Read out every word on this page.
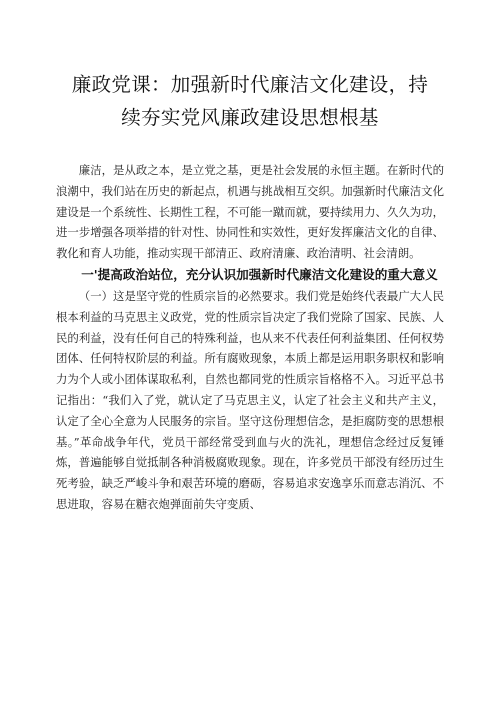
廉政党课：加强新时代廉洁文化建设，持
续夯实党风廉政建设思想根基

廉洁，是从政之本，是立党之基，更是社会发展的永恒主题。在新时代的浪潮中，我们站在历史的新起点，机遇与挑战相互交织。加强新时代廉洁文化建设是一个系统性、长期性工程，不可能一蹴而就，要持续用力、久久为功，进一步增强各项举措的针对性、协同性和实效性，更好发挥廉洁文化的自律、教化和育人功能，推动实现干部清正、政府清廉、政治清明、社会清朗。

一'提高政治站位，充分认识加强新时代廉洁文化建设的重大意义

（一）这是坚守党的性质宗旨的必然要求。我们党是始终代表最广大人民根本利益的马克思主义政党，党的性质宗旨决定了我们党除了国家、民族、人民的利益，没有任何自己的特殊利益，也从来不代表任何利益集团、任何权势团体、任何特权阶层的利益。所有腐败现象，本质上都是运用职务职权和影响力为个人或小团体谋取私利，自然也都同党的性质宗旨格格不入。习近平总书记指出：“我们入了党，就认定了马克思主义，认定了社会主义和共产主义，认定了全心全意为人民服务的宗旨。坚守这份理想信念，是拒腐防变的思想根基。”革命战争年代，党员干部经常受到血与火的洗礼，理想信念经过反复锤炼，普遍能够自觉抵制各种消极腐败现象。现在，许多党员干部没有经历过生死考验，缺乏严峻斗争和艰苦环境的磨砺，容易追求安逸享乐而意志消沉、不思进取，容易在糖衣炮弹面前失守变质、
